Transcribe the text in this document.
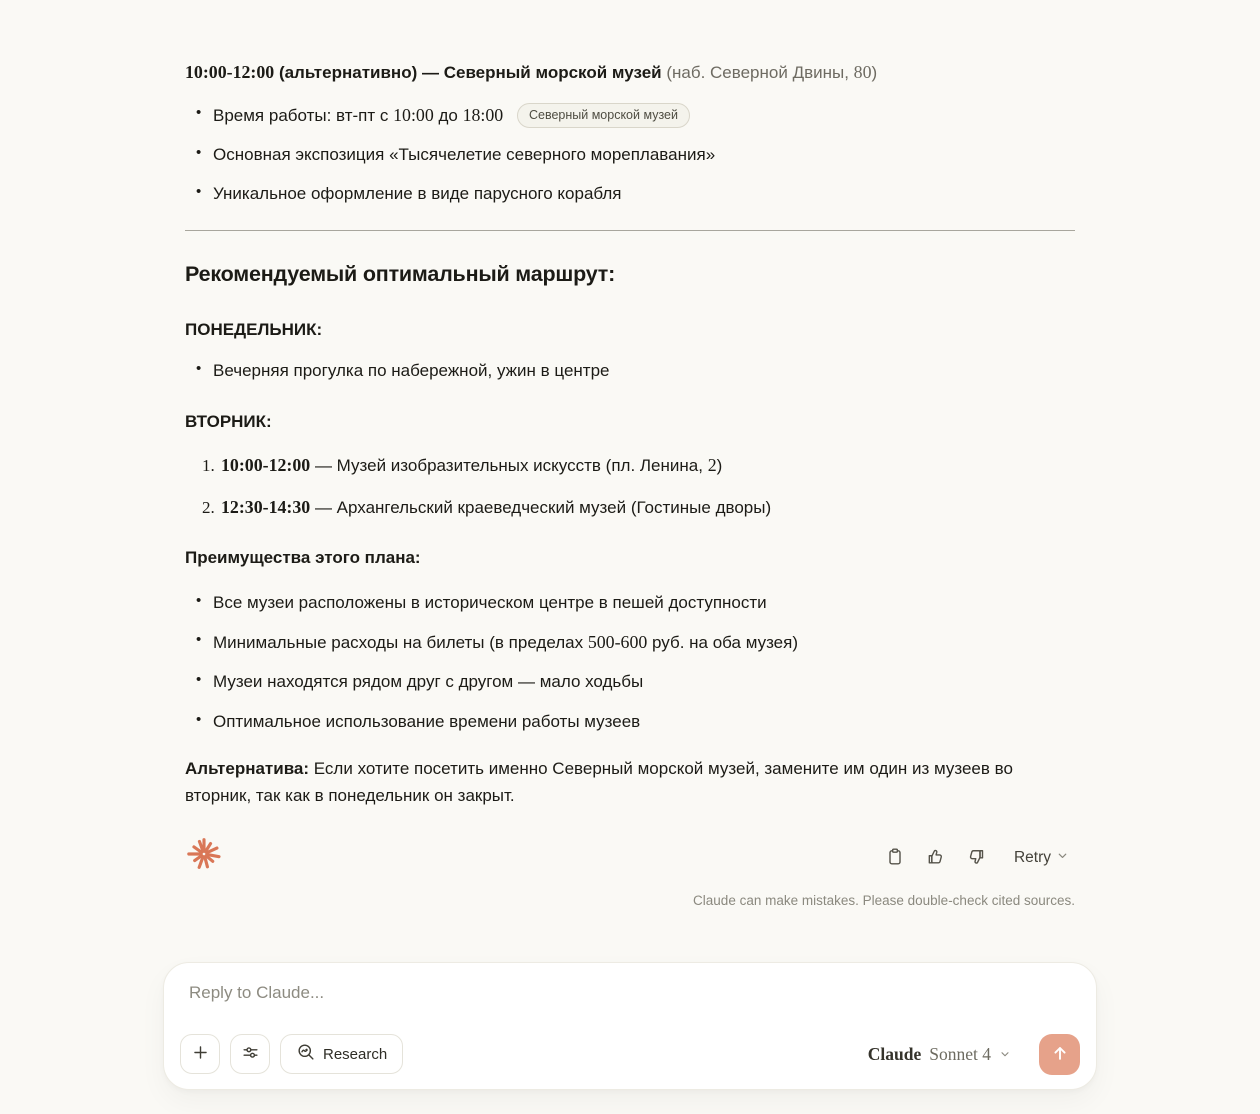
10:00-12:00 (альтернативно) — Северный морской музей (наб. Северной Двины, 80)
• Время работы: вт-пт с 10:00 до 18:00 Северный морской музей
• Основная экспозиция «Тысячелетие северного мореплавания»
• Уникальное оформление в виде парусного корабля
Рекомендуемый оптимальный маршрут:
ПОНЕДЕЛЬНИК:
• Вечерняя прогулка по набережной, ужин в центре
ВТОРНИК:
1. 10:00-12:00 — Музей изобразительных искусств (пл. Ленина, 2)
2. 12:30-14:30 — Архангельский краеведческий музей (Гостиные дворы)

Преимущества этого плана:

• Все музеи расположены в историческом центре в пешей доступности
• Минимальные расходы на билеты (в пределах 500-600 руб. на оба музея)
• Музеи находятся рядом друг с другом — мало ходьбы
• Оптимальное использование времени работы музеев

Альтернатива: Если хотите посетить именно Северный морской музей, замените им один из музеев во вторник, так как в понедельник он закрыт.

Retry
Claude can make mistakes. Please double-check cited sources.
Reply to Claude...
Research	Claude Sonnet 4
